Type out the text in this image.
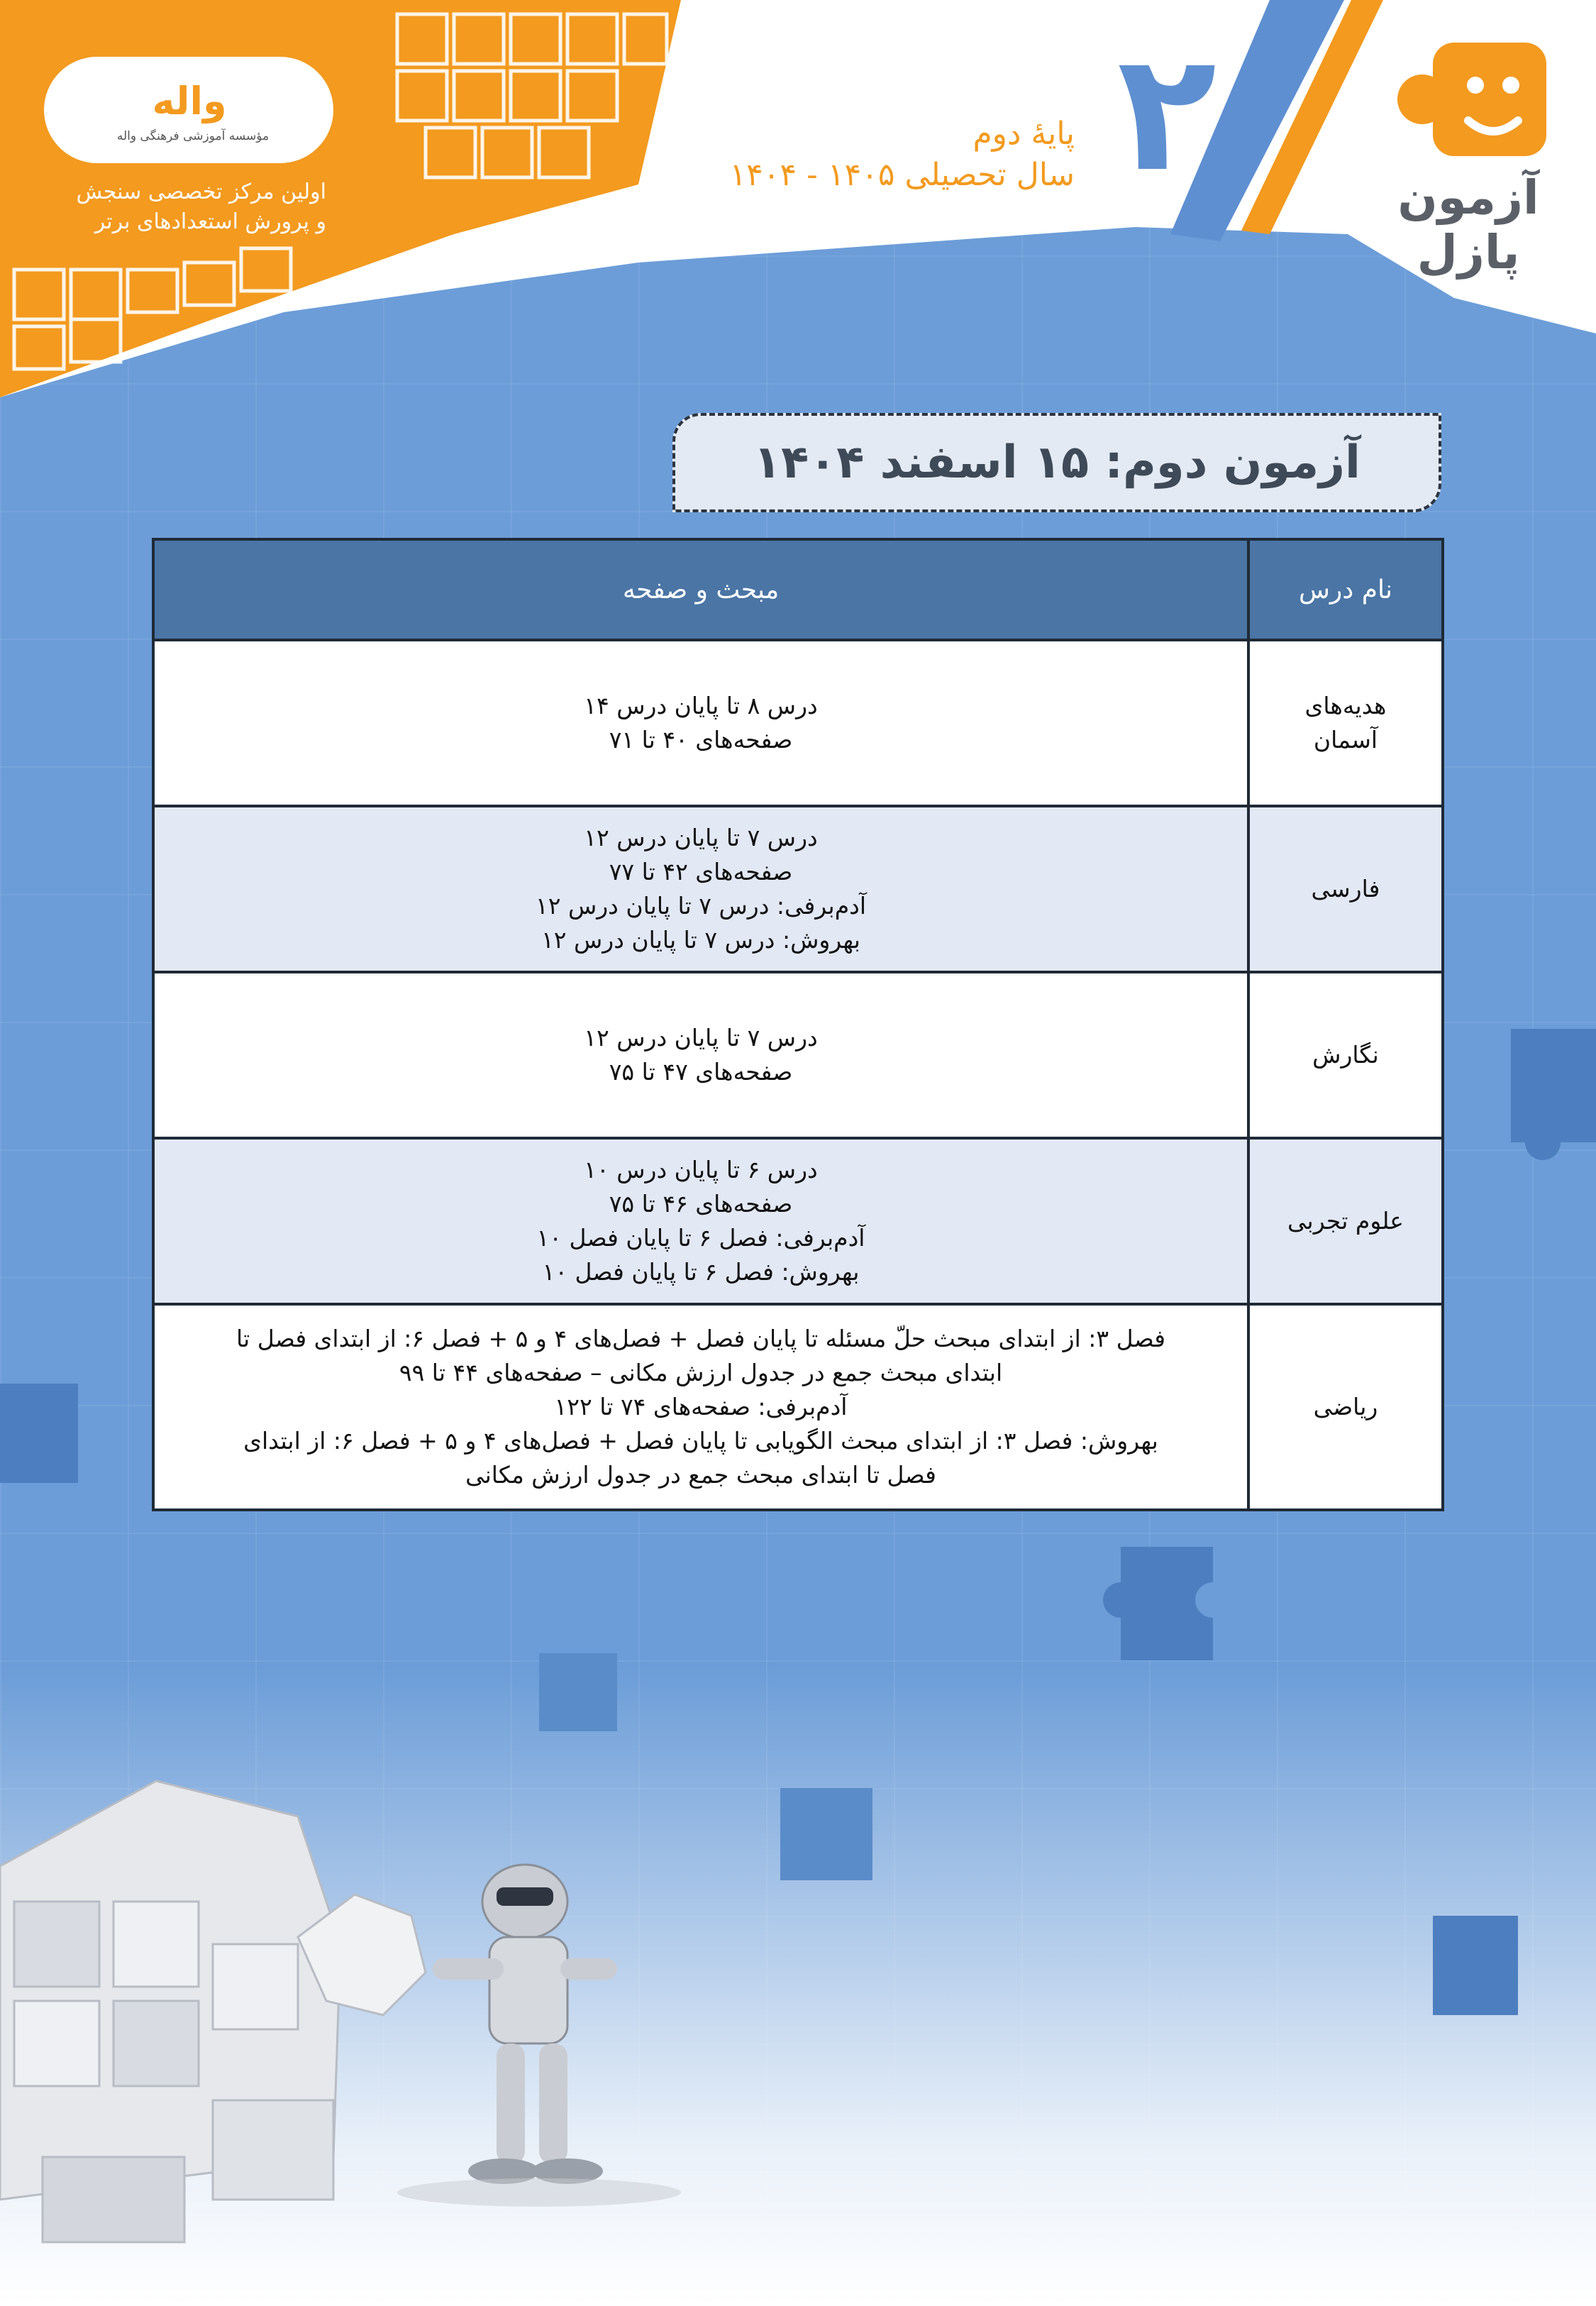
واله
مؤسسه آموزشی فرهنگی واله
اولین مرکز تخصصی سنجش
و پرورش استعدادهای برتر
پایهٔ دوم
سال تحصیلی ۱۴۰۵ - ۱۴۰۴ ۲	آزمون پازل
آزمون دوم: ۱۵ اسفند ۱۴۰۴
نام درس	مبحث و صفحه

هدیه‌های
آسمان	درس ۸ تا پایان درس ۱۴
صفحه‌های ۴۰ تا ۷۱

فارسی	درس ۷ تا پایان درس ۱۲
صفحه‌های ۴۲ تا ۷۷
آدم‌برفی: درس ۷ تا پایان درس ۱۲
بهروش: درس ۷ تا پایان درس ۱۲

نگارش	درس ۷ تا پایان درس ۱۲
صفحه‌های ۴۷ تا ۷۵

علوم تجربی	درس ۶ تا پایان درس ۱۰
صفحه‌های ۴۶ تا ۷۵
آدم‌برفی: فصل ۶ تا پایان فصل ۱۰
بهروش: فصل ۶ تا پایان فصل ۱۰

ریاضی	فصل ۳: از ابتدای مبحث حلّ مسئله تا پایان فصل + فصل‌های ۴ و ۵ + فصل ۶: از ابتدای فصل تا
ابتدای مبحث جمع در جدول ارزش مکانی – صفحه‌های ۴۴ تا ۹۹
آدم‌برفی: صفحه‌های ۷۴ تا ۱۲۲
بهروش: فصل ۳: از ابتدای مبحث الگویابی تا پایان فصل + فصل‌های ۴ و ۵ + فصل ۶: از ابتدای
فصل تا ابتدای مبحث جمع در جدول ارزش مکانی
